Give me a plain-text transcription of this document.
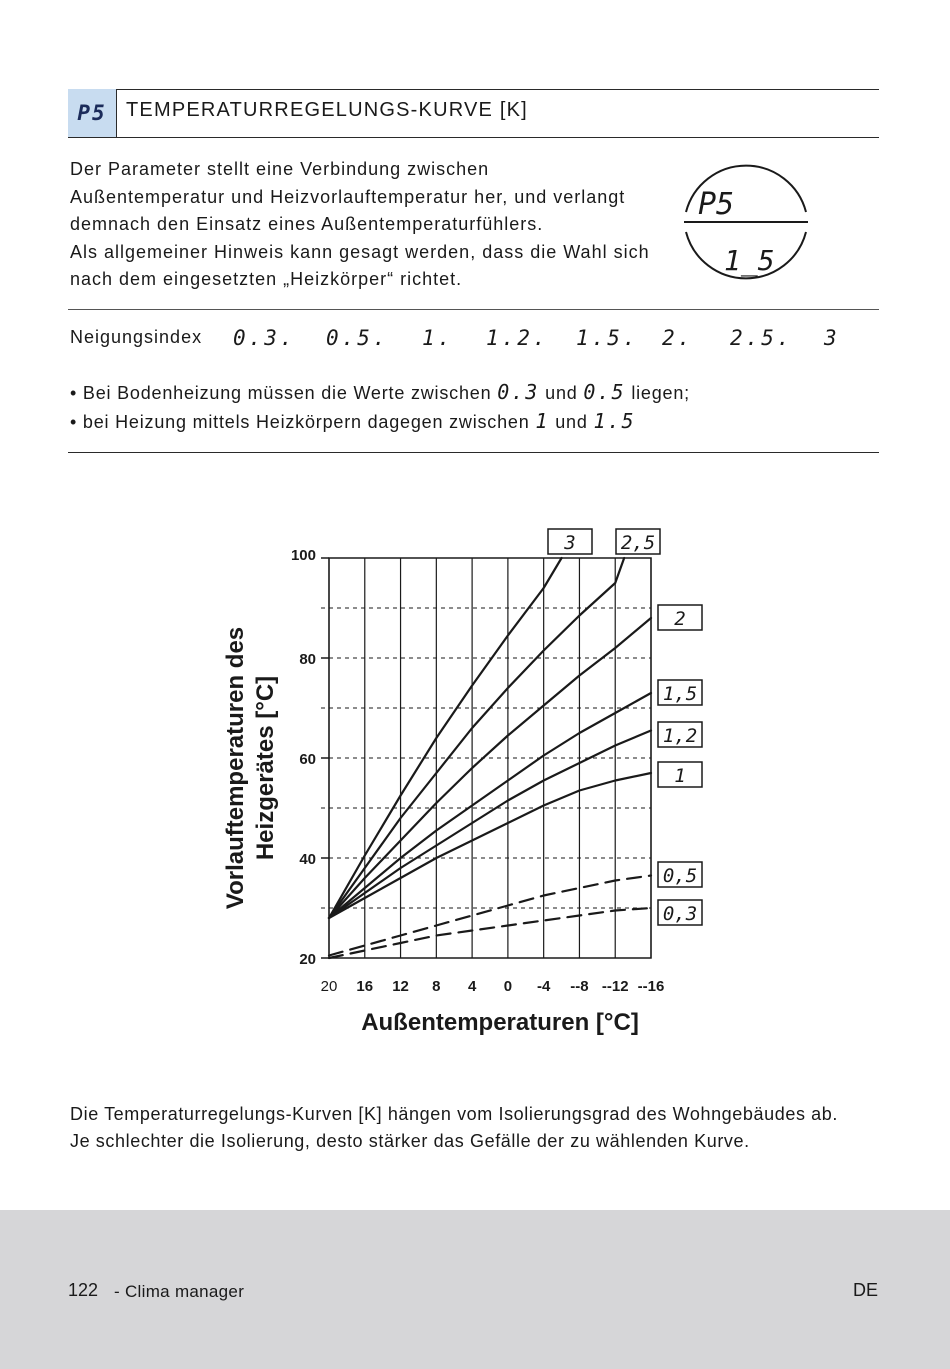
P5 TEMPERATURREGELUNGS-KURVE [K]
Der Parameter stellt eine Verbindung zwischen
Außentemperatur und Heizvorlauftemperatur her, und verlangt
demnach den Einsatz eines Außentemperaturfühlers.
Als allgemeiner Hinweis kann gesagt werden, dass die Wahl sich
nach dem eingesetzten „Heizkörper“ richtet.
P5
1_5
Neigungsindex 0.3. 0.5. 1. 1.2. 1.5. 2. 2.5. 3
• Bei Bodenheizung müssen die Werte zwischen 0.3 und 0.5 liegen;
• bei Heizung mittels Heizkörpern dagegen zwischen 1 und 1.5
20
40
60
80
100
20 16 12 8 4 0 -4 --8 --12 --16
Außentemperaturen [°C]
Vorlauftemperaturen des Heizgerätes [°C]
3 2,5
2
1,5
1,2
1
0,5
0,3
Die Temperaturregelungs-Kurven [K] hängen vom Isolierungsgrad des Wohngebäudes ab.
Je schlechter die Isolierung, desto stärker das Gefälle der zu wählenden Kurve.
122 - Clima manager	DE
